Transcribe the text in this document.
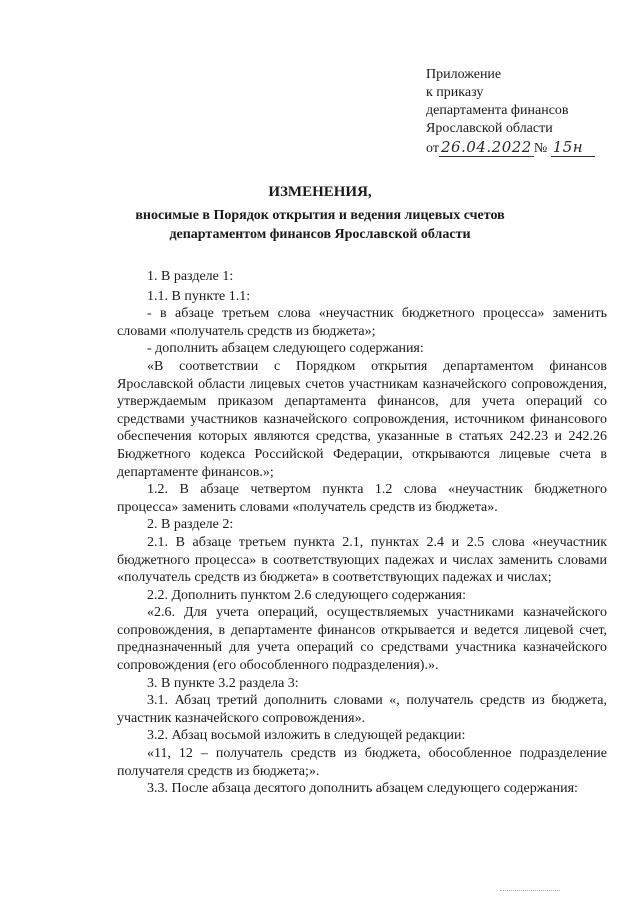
Приложение
к приказу
департамента финансов
Ярославской области
от 26.04.2022 № 15н
ИЗМЕНЕНИЯ,
вносимые в Порядок открытия и ведения лицевых счетов
департаментом финансов Ярославской области

1. В разделе 1:

1.1. В пункте 1.1:

- в абзаце третьем слова «неучастник бюджетного процесса» заменить словами «получатель средств из бюджета»;

- дополнить абзацем следующего содержания:

«В соответствии с Порядком открытия департаментом финансов Ярославской области лицевых счетов участникам казначейского сопровождения, утверждаемым приказом департамента финансов, для учета операций со средствами участников казначейского сопровождения, источником финансового обеспечения которых являются средства, указанные в статьях 242.23 и 242.26 Бюджетного кодекса Российской Федерации, открываются лицевые счета в департаменте финансов.»;

1.2. В абзаце четвертом пункта 1.2 слова «неучастник бюджетного процесса» заменить словами «получатель средств из бюджета».

2. В разделе 2:

2.1. В абзаце третьем пункта 2.1, пунктах 2.4 и 2.5 слова «неучастник бюджетного процесса» в соответствующих падежах и числах заменить словами «получатель средств из бюджета» в соответствующих падежах и числах;

2.2. Дополнить пунктом 2.6 следующего содержания:

«2.6. Для учета операций, осуществляемых участниками казначейского сопровождения, в департаменте финансов открывается и ведется лицевой счет, предназначенный для учета операций со средствами участника казначейского сопровождения (его обособленного подразделения).».

3. В пункте 3.2 раздела 3:

3.1. Абзац третий дополнить словами «, получатель средств из бюджета, участник казначейского сопровождения».

3.2. Абзац восьмой изложить в следующей редакции:

«11, 12 – получатель средств из бюджета, обособленное подразделение получателя средств из бюджета;».

3.3. После абзаца десятого дополнить абзацем следующего содержания:
